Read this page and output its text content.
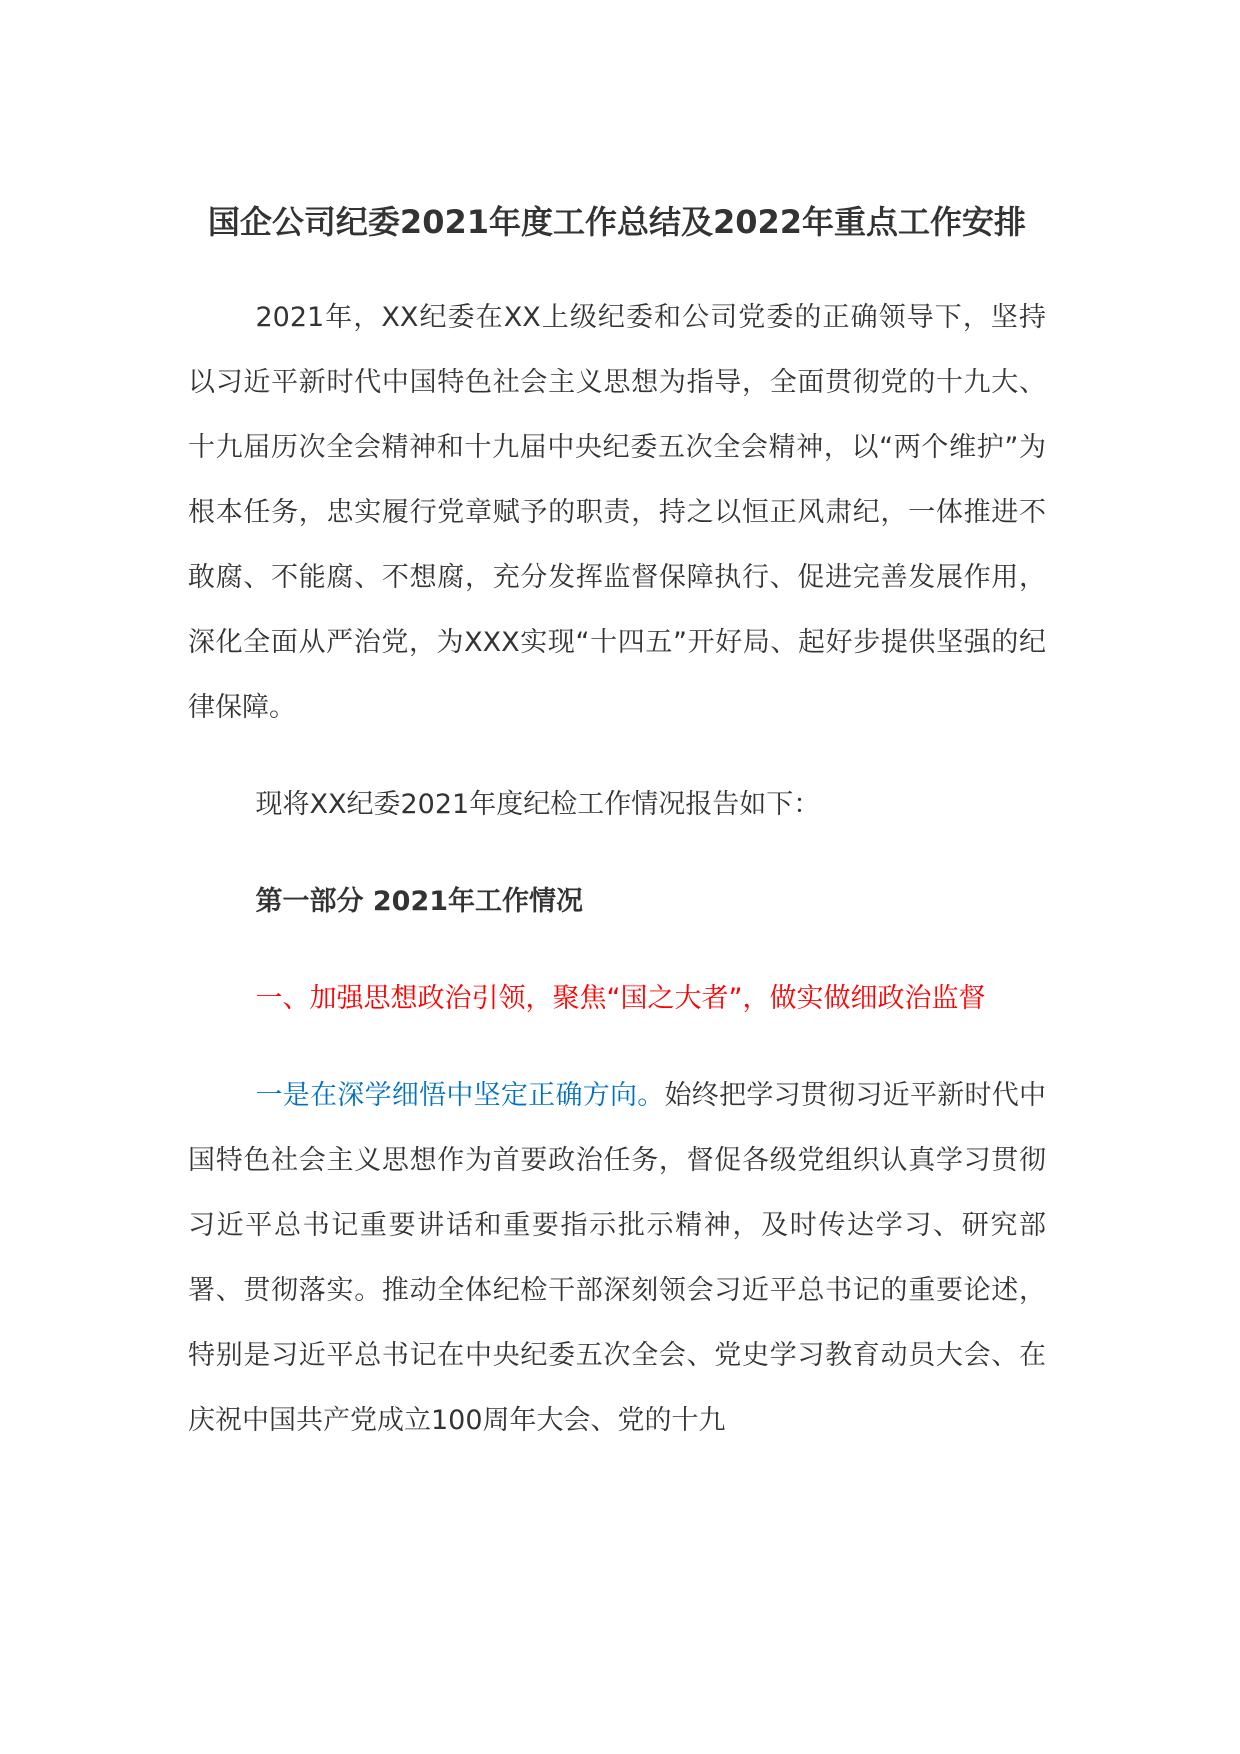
国企公司纪委2021年度工作总结及2022年重点工作安排

2021年，XX纪委在XX上级纪委和公司党委的正确领导下，坚持以习近平新时代中国特色社会主义思想为指导，全面贯彻党的十九大、十九届历次全会精神和十九届中央纪委五次全会精神，以“两个维护”为根本任务，忠实履行党章赋予的职责，持之以恒正风肃纪，一体推进不敢腐、不能腐、不想腐，充分发挥监督保障执行、促进完善发展作用，深化全面从严治党，为XXX实现“十四五”开好局、起好步提供坚强的纪律保障。

现将XX纪委2021年度纪检工作情况报告如下：

第一部分 2021年工作情况

一、加强思想政治引领，聚焦“国之大者”，做实做细政治监督

一是在深学细悟中坚定正确方向。始终把学习贯彻习近平新时代中国特色社会主义思想作为首要政治任务，督促各级党组织认真学习贯彻习近平总书记重要讲话和重要指示批示精神，及时传达学习、研究部署、贯彻落实。推动全体纪检干部深刻领会习近平总书记的重要论述，特别是习近平总书记在中央纪委五次全会、党史学习教育动员大会、在庆祝中国共产党成立100周年大会、党的十九
